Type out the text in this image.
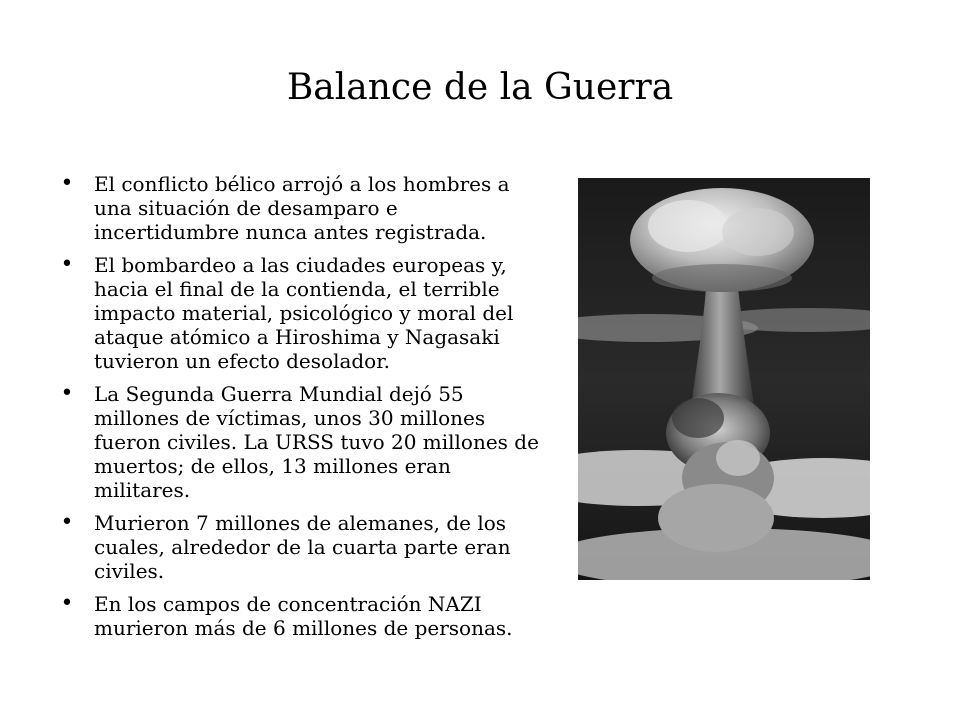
Balance de la Guerra
• El conflicto bélico arrojó a los hombres a una situación de desamparo e incertidumbre nunca antes registrada.
• El bombardeo a las ciudades europeas y, hacia el final de la contienda, el terrible impacto material, psicológico y moral del ataque atómico a Hiroshima y Nagasaki tuvieron un efecto desolador.
• La Segunda Guerra Mundial dejó 55 millones de víctimas, unos 30 millones fueron civiles. La URSS tuvo 20 millones de muertos; de ellos, 13 millones eran militares.
• Murieron 7 millones de alemanes, de los cuales, alrededor de la cuarta parte eran civiles.
• En los campos de concentración NAZI murieron más de 6 millones de personas.
